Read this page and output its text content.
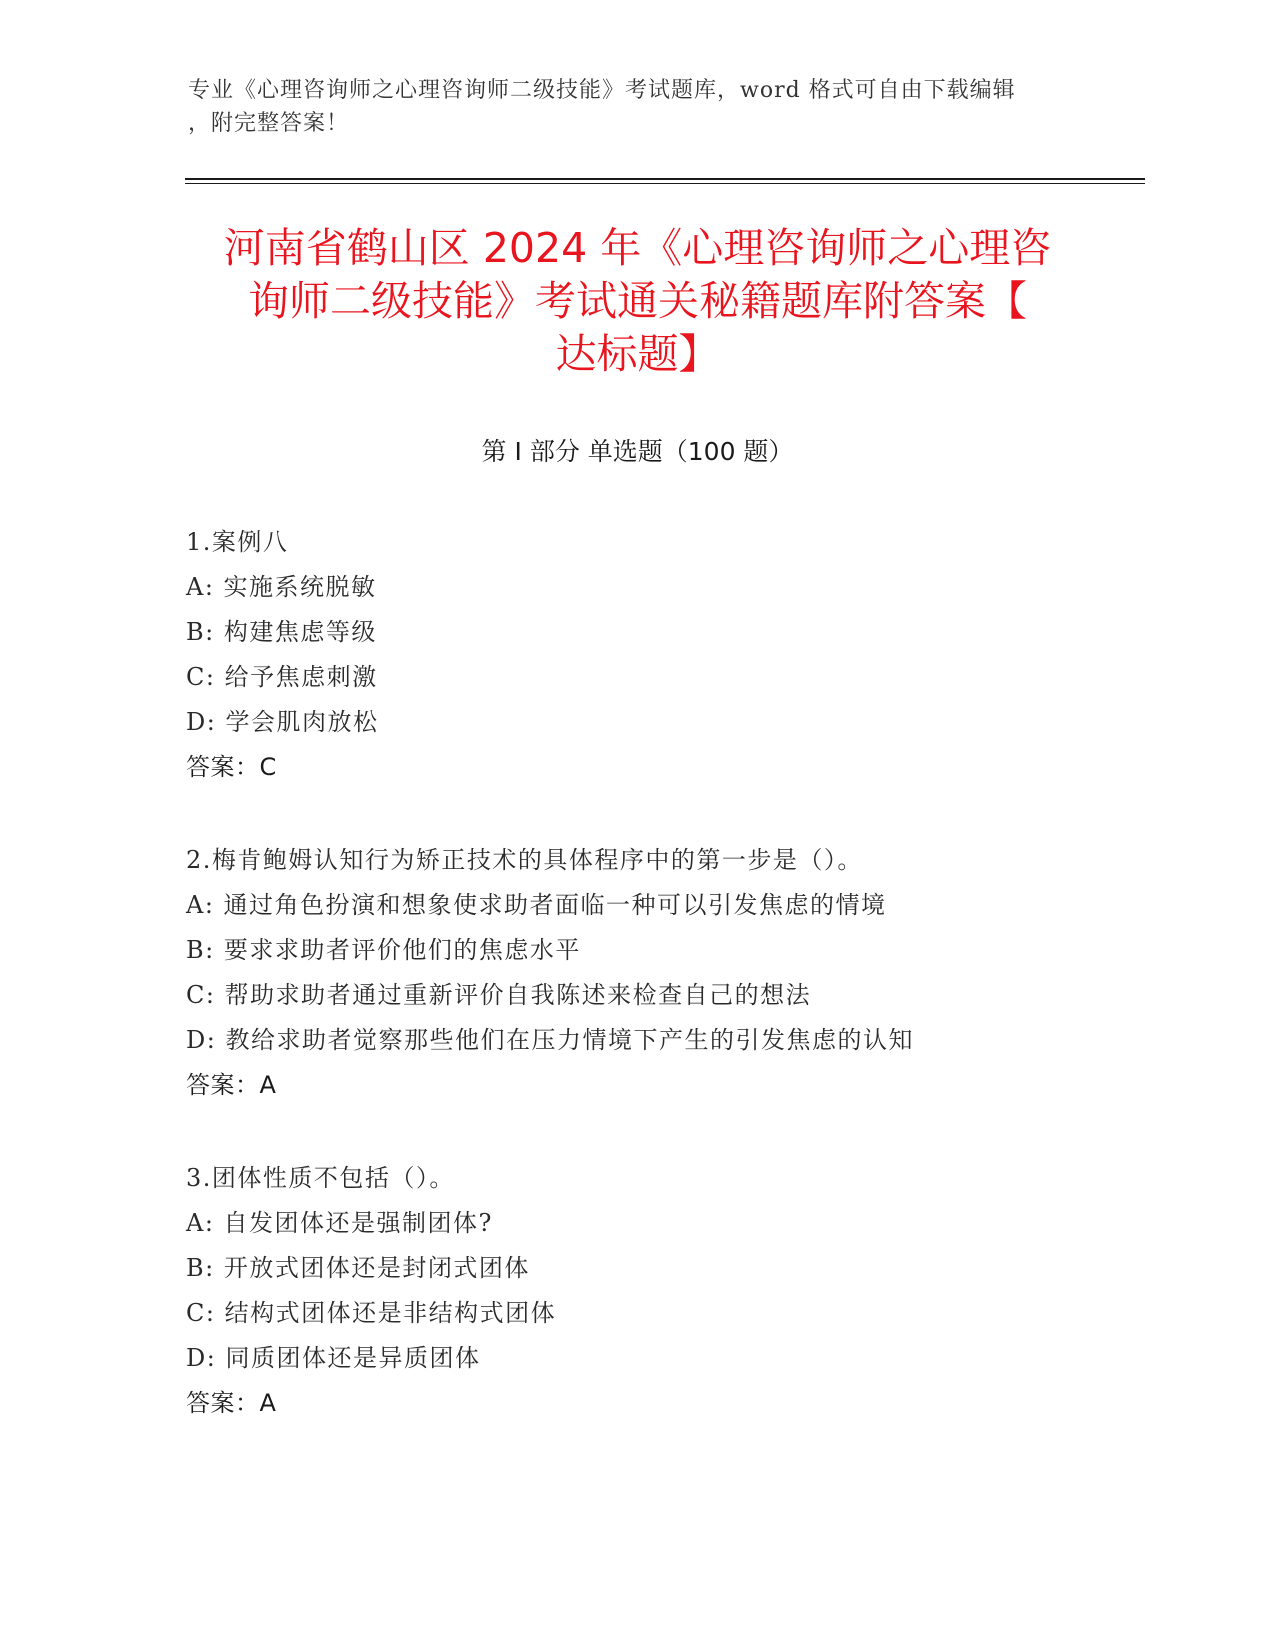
专业《心理咨询师之心理咨询师二级技能》考试题库，word 格式可自由下载编辑
，附完整答案！
河南省鹤山区 2024 年《心理咨询师之心理咨
询师二级技能》考试通关秘籍题库附答案【
达标题】
第 I 部分 单选题（100 题）
1.案例八
A: 实施系统脱敏
B: 构建焦虑等级
C: 给予焦虑刺激
D: 学会肌肉放松
答案：C
2.梅肯鲍姆认知行为矫正技术的具体程序中的第一步是（）。
A: 通过角色扮演和想象使求助者面临一种可以引发焦虑的情境
B: 要求求助者评价他们的焦虑水平
C: 帮助求助者通过重新评价自我陈述来检查自己的想法
D: 教给求助者觉察那些他们在压力情境下产生的引发焦虑的认知
答案：A
3.团体性质不包括（）。
A: 自发团体还是强制团体?
B: 开放式团体还是封闭式团体
C: 结构式团体还是非结构式团体
D: 同质团体还是异质团体
答案：A
